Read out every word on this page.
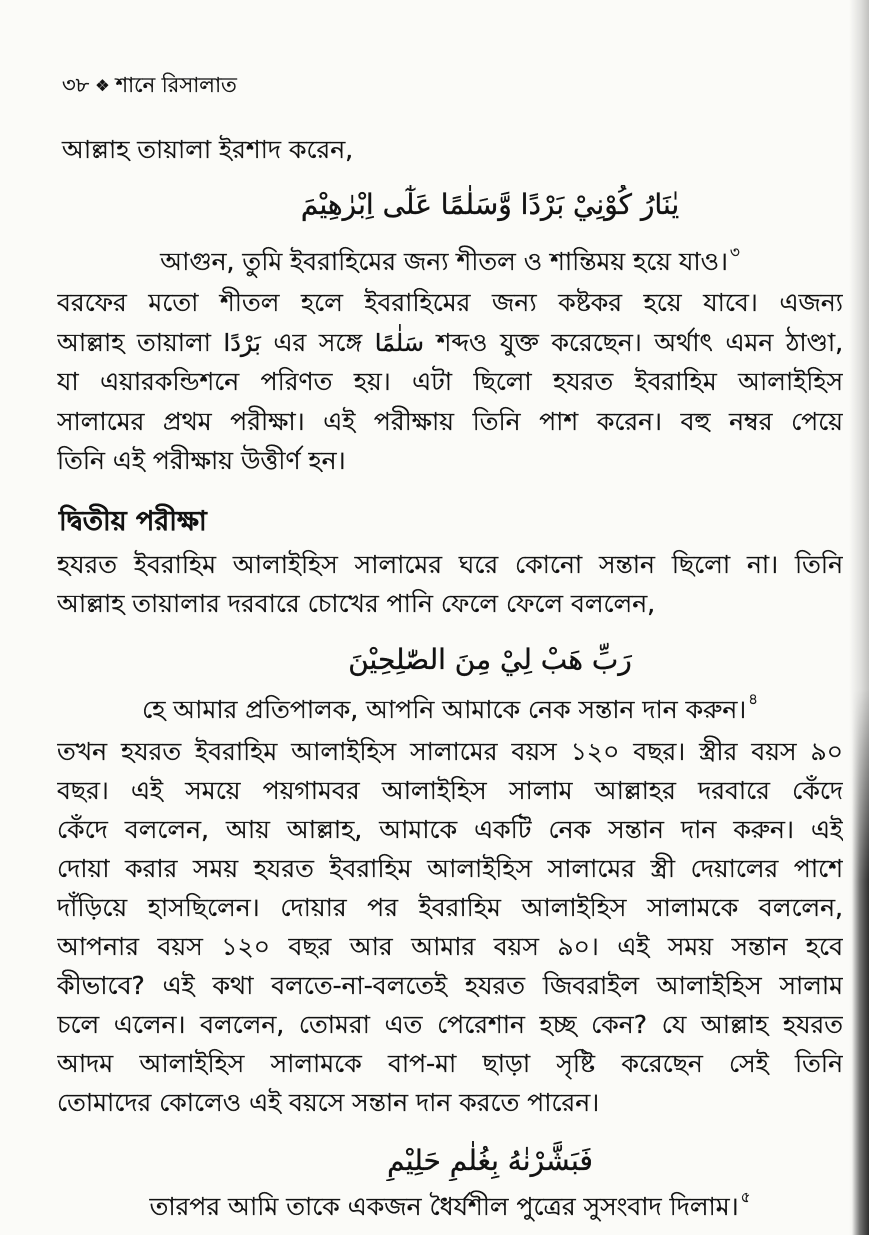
৩৮ ❖ শানে রিসালাত
আল্লাহ তায়ালা ইরশাদ করেন,
يٰنَارُ كُوْنِيْ بَرْدًا وَّسَلٰمًا عَلٰٓى اِبْرٰهِيْمَ
আগুন, তুমি ইবরাহিমের জন্য শীতল ও শান্তিময় হয়ে যাও। $^৩$
বরফের মতো শীতল হলে ইবরাহিমের জন্য কষ্টকর হয়ে যাবে। এজন্য
আল্লাহ তায়ালা بَرْدًا এর সঙ্গে سَلٰمًا শব্দও যুক্ত করেছেন। অর্থাৎ এমন ঠাণ্ডা,
যা এয়ারকন্ডিশনে পরিণত হয়। এটা ছিলো হযরত ইবরাহিম আলাইহিস
সালামের প্রথম পরীক্ষা। এই পরীক্ষায় তিনি পাশ করেন। বহু নম্বর পেয়ে
তিনি এই পরীক্ষায় উত্তীর্ণ হন।
দ্বিতীয় পরীক্ষা
হযরত ইবরাহিম আলাইহিস সালামের ঘরে কোনো সন্তান ছিলো না। তিনি
আল্লাহ তায়ালার দরবারে চোখের পানি ফেলে ফেলে বললেন,
رَبِّ هَبْ لِيْ مِنَ الصّٰلِحِيْنَ
হে আমার প্রতিপালক, আপনি আমাকে নেক সন্তান দান করুন। $^৪$
তখন হযরত ইবরাহিম আলাইহিস সালামের বয়স ১২০ বছর। স্ত্রীর বয়স ৯০
বছর। এই সময়ে পয়গামবর আলাইহিস সালাম আল্লাহর দরবারে কেঁদে
কেঁদে বললেন, আয় আল্লাহ, আমাকে একটি নেক সন্তান দান করুন। এই
দোয়া করার সময় হযরত ইবরাহিম আলাইহিস সালামের স্ত্রী দেয়ালের পাশে
দাঁড়িয়ে হাসছিলেন। দোয়ার পর ইবরাহিম আলাইহিস সালামকে বললেন,
আপনার বয়স ১২০ বছর আর আমার বয়স ৯০। এই সময় সন্তান হবে
কীভাবে? এই কথা বলতে-না-বলতেই হযরত জিবরাইল আলাইহিস সালাম
চলে এলেন। বললেন, তোমরা এত পেরেশান হচ্ছ কেন? যে আল্লাহ হযরত
আদম আলাইহিস সালামকে বাপ-মা ছাড়া সৃষ্টি করেছেন সেই তিনি
তোমাদের কোলেও এই বয়সে সন্তান দান করতে পারেন।
فَبَشَّرْنٰهُ بِغُلٰمٍ حَلِيْمٍ
তারপর আমি তাকে একজন ধৈর্যশীল পুত্রের সুসংবাদ দিলাম। $^৫$
